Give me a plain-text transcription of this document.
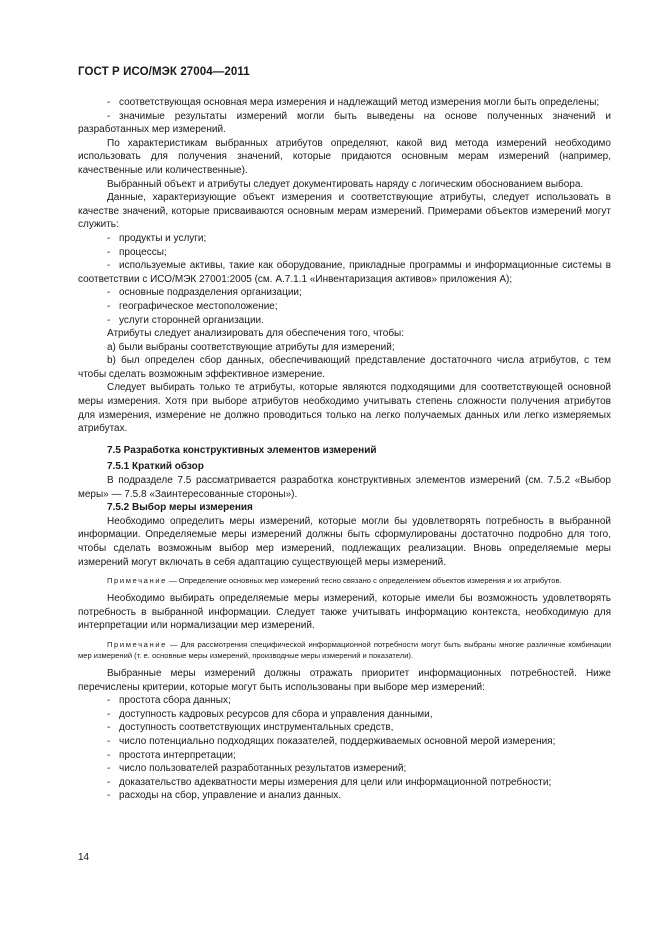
ГОСТ Р ИСО/МЭК 27004—2011

- соответствующая основная мера измерения и надлежащий метод измерения могли быть определены;

- значимые результаты измерений могли быть выведены на основе полученных значений и разработанных мер измерений.

По характеристикам выбранных атрибутов определяют, какой вид метода измерений необходимо использовать для получения значений, которые придаются основным мерам измерений (например, качественные или количественные).

Выбранный объект и атрибуты следует документировать наряду с логическим обоснованием выбора.

Данные, характеризующие объект измерения и соответствующие атрибуты, следует использовать в качестве значений, которые присваиваются основным мерам измерений. Примерами объектов измерений могут служить:

- продукты и услуги;

- процессы;

- используемые активы, такие как оборудование, прикладные программы и информационные системы в соответствии с ИСО/МЭК 27001:2005 (см. А.7.1.1 «Инвентаризация активов» приложения А);

- основные подразделения организации;

- географическое местоположение;

- услуги сторонней организации.

Атрибуты следует анализировать для обеспечения того, чтобы:

а) были выбраны соответствующие атрибуты для измерений;

b) был определен сбор данных, обеспечивающий представление достаточного числа атрибутов, с тем чтобы сделать возможным эффективное измерение.

Следует выбирать только те атрибуты, которые являются подходящими для соответствующей основной меры измерения. Хотя при выборе атрибутов необходимо учитывать степень сложности получения атрибутов для измерения, измерение не должно проводиться только на легко получаемых данных или легко измеряемых атрибутах.

7.5 Разработка конструктивных элементов измерений

7.5.1 Краткий обзор

В подразделе 7.5 рассматривается разработка конструктивных элементов измерений (см. 7.5.2 «Выбор меры» — 7.5.8 «Заинтересованные стороны»).

7.5.2 Выбор меры измерения

Необходимо определить меры измерений, которые могли бы удовлетворять потребность в выбранной информации. Определяемые меры измерений должны быть сформулированы достаточно подробно для того, чтобы сделать возможным выбор мер измерений, подлежащих реализации. Вновь определяемые меры измерений могут включать в себя адаптацию существующей меры измерений.

Примечание — Определение основных мер измерений тесно связано с определением объектов измерения и их атрибутов.

Необходимо выбирать определяемые меры измерений, которые имели бы возможность удовлетворять потребность в выбранной информации. Следует также учитывать информацию контекста, необходимую для интерпретации или нормализации мер измерений.

Примечание — Для рассмотрения специфической информационной потребности могут быть выбраны многие различные комбинации мер измерений (т. е. основные меры измерений, производные меры измерений и показатели).

Выбранные меры измерений должны отражать приоритет информационных потребностей. Ниже перечислены критерии, которые могут быть использованы при выборе мер измерений:

- простота сбора данных;

- доступность кадровых ресурсов для сбора и управления данными,

- доступность соответствующих инструментальных средств,

- число потенциально подходящих показателей, поддерживаемых основной мерой измерения;

- простота интерпретации;

- число пользователей разработанных результатов измерений;

- доказательство адекватности меры измерения для цели или информационной потребности;

- расходы на сбор, управление и анализ данных.

14
